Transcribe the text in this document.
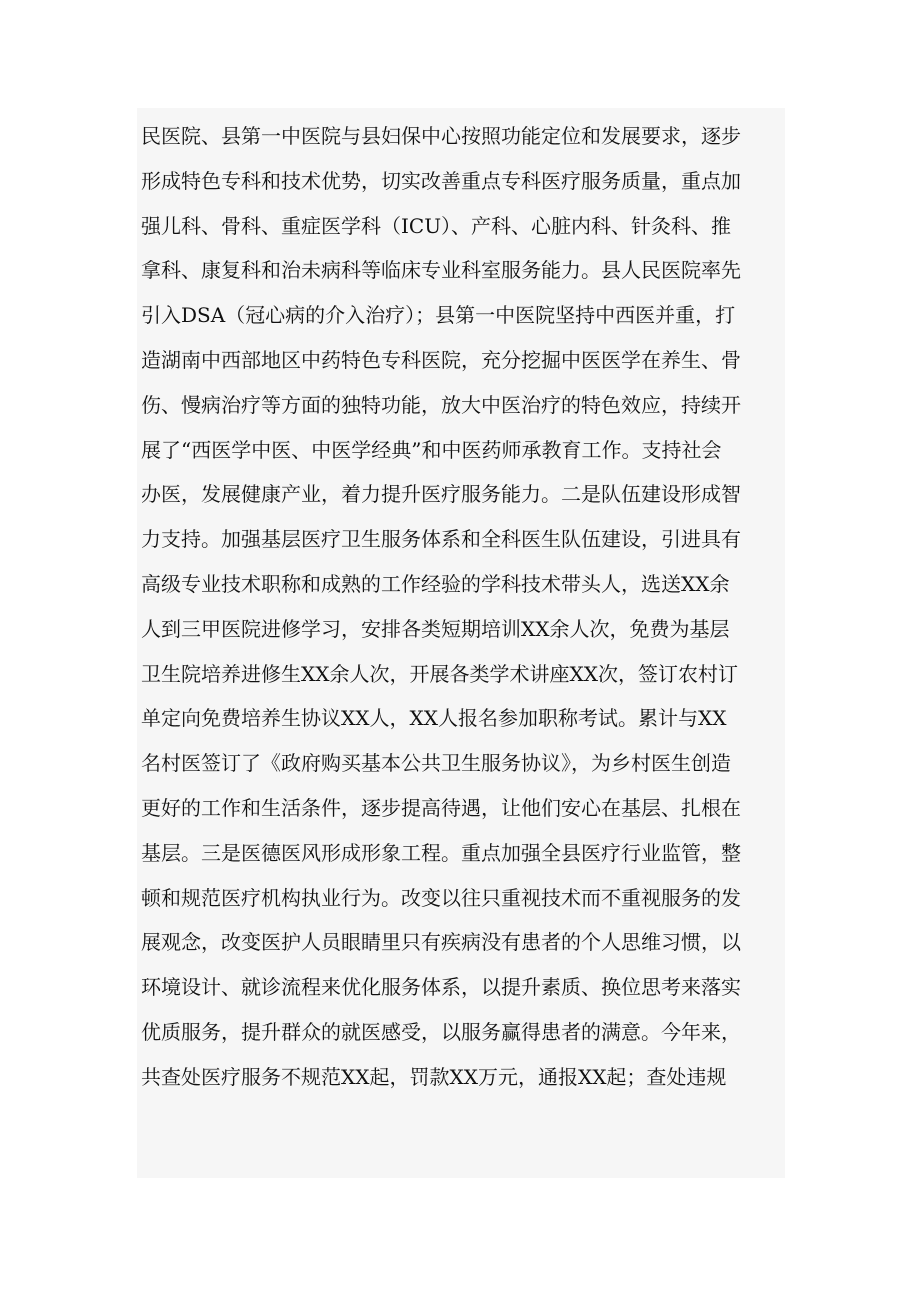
民医院、县第一中医院与县妇保中心按照功能定位和发展要求，逐步
形成特色专科和技术优势，切实改善重点专科医疗服务质量，重点加
强儿科、骨科、重症医学科（ICU）、产科、心脏内科、针灸科、推
拿科、康复科和治未病科等临床专业科室服务能力。县人民医院率先
引入DSA（冠心病的介入治疗）；县第一中医院坚持中西医并重，打
造湖南中西部地区中药特色专科医院，充分挖掘中医医学在养生、骨
伤、慢病治疗等方面的独特功能，放大中医治疗的特色效应，持续开
展了“西医学中医、中医学经典”和中医药师承教育工作。支持社会
办医，发展健康产业，着力提升医疗服务能力。二是队伍建设形成智
力支持。加强基层医疗卫生服务体系和全科医生队伍建设，引进具有
高级专业技术职称和成熟的工作经验的学科技术带头人，选送XX余
人到三甲医院进修学习，安排各类短期培训XX余人次，免费为基层
卫生院培养进修生XX余人次，开展各类学术讲座XX次，签订农村订
单定向免费培养生协议XX人，XX人报名参加职称考试。累计与XX
名村医签订了《政府购买基本公共卫生服务协议》，为乡村医生创造
更好的工作和生活条件，逐步提高待遇，让他们安心在基层、扎根在
基层。三是医德医风形成形象工程。重点加强全县医疗行业监管，整
顿和规范医疗机构执业行为。改变以往只重视技术而不重视服务的发
展观念，改变医护人员眼睛里只有疾病没有患者的个人思维习惯，以
环境设计、就诊流程来优化服务体系，以提升素质、换位思考来落实
优质服务，提升群众的就医感受，以服务赢得患者的满意。今年来，
共查处医疗服务不规范XX起，罚款XX万元，通报XX起；查处违规
